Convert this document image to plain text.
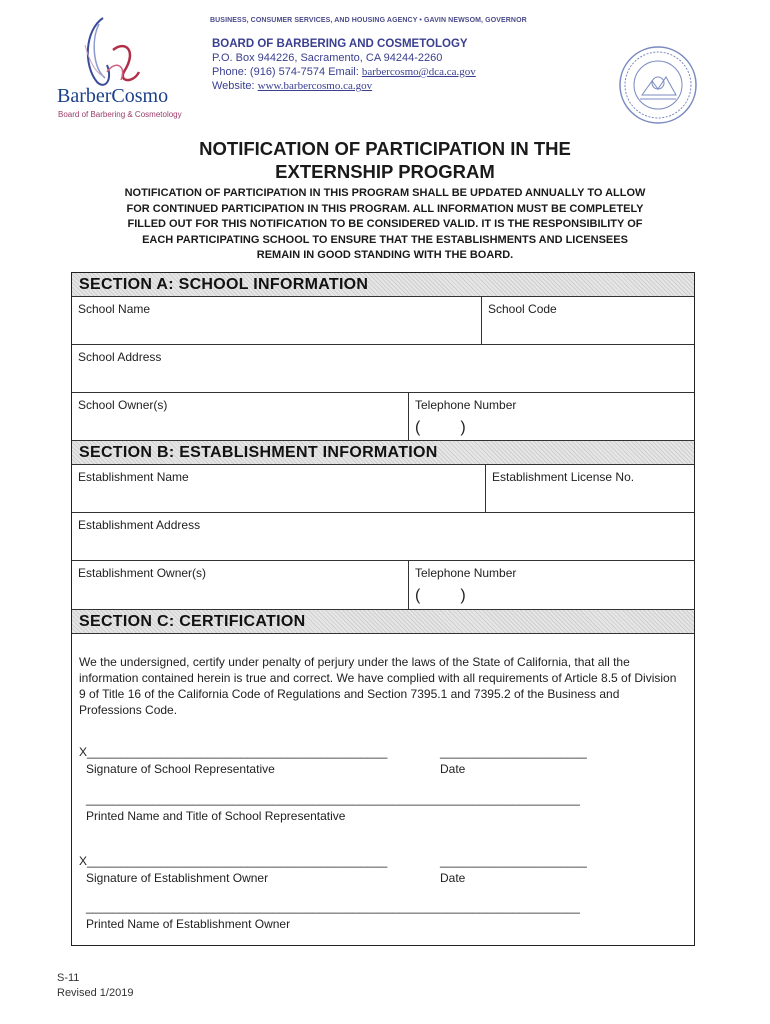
BarberCosmo
Board of Barbering & Cosmetology
BUSINESS, CONSUMER SERVICES, AND HOUSING AGENCY • GAVIN NEWSOM, GOVERNOR
BOARD OF BARBERING AND COSMETOLOGY
P.O. Box 944226, Sacramento, CA 94244-2260
Phone: (916) 574-7574 Email: barbercosmo@dca.ca.gov
Website: www.barbercosmo.ca.gov
NOTIFICATION OF PARTICIPATION IN THE
EXTERNSHIP PROGRAM
NOTIFICATION OF PARTICIPATION IN THIS PROGRAM SHALL BE UPDATED ANNUALLY TO ALLOW
FOR CONTINUED PARTICIPATION IN THIS PROGRAM. ALL INFORMATION MUST BE COMPLETELY
FILLED OUT FOR THIS NOTIFICATION TO BE CONSIDERED VALID. IT IS THE RESPONSIBILITY OF
EACH PARTICIPATING SCHOOL TO ENSURE THAT THE ESTABLISHMENTS AND LICENSEES
REMAIN IN GOOD STANDING WITH THE BOARD.
SECTION A: SCHOOL INFORMATION
School Name	School Code
School Address
School Owner(s)	Telephone Number
(         )
SECTION B: ESTABLISHMENT INFORMATION
Establishment Name	Establishment License No.
Establishment Address
Establishment Owner(s)	Telephone Number
(         )
SECTION C: CERTIFICATION
We the undersigned, certify under penalty of perjury under the laws of the State of California, that all the information contained herein is true and correct. We have complied with all requirements of Article 8.5 of Division 9 of Title 16 of the California Code of Regulations and Section 7395.1 and 7395.2 of the Business and Professions Code.
X_____________________________________________	______________________
Signature of School Representative	Date
__________________________________________________________________________
Printed Name and Title of School Representative
X_____________________________________________	______________________
Signature of Establishment Owner	Date
__________________________________________________________________________
Printed Name of Establishment Owner
S-11
Revised 1/2019
